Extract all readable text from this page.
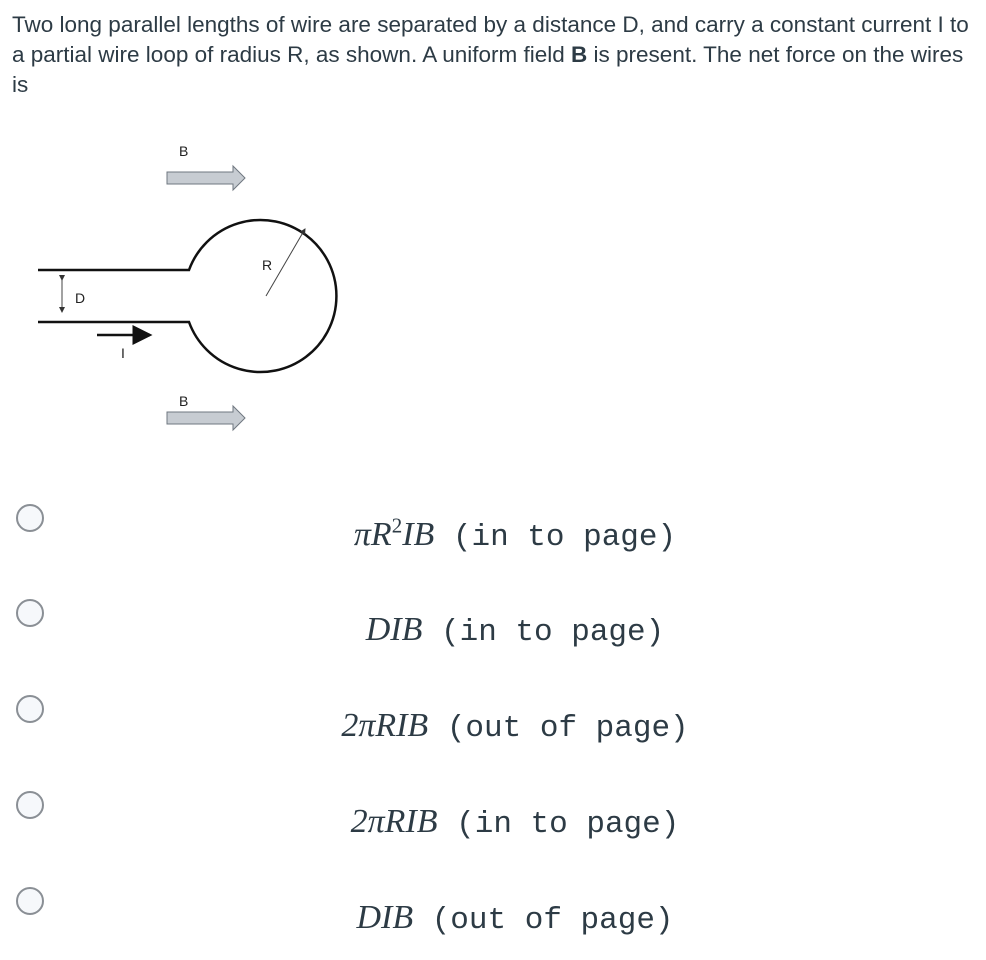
Two long parallel lengths of wire are separated by a distance D, and carry a constant current I to a partial wire loop of radius R, as shown. A uniform field B is present. The net force on the wires is
B
R
D
I
B
$\pi R^2IB$ (in to page)
DIB (in to page)
2πRIB (out of page)
2πRIB (in to page)
DIB (out of page)
